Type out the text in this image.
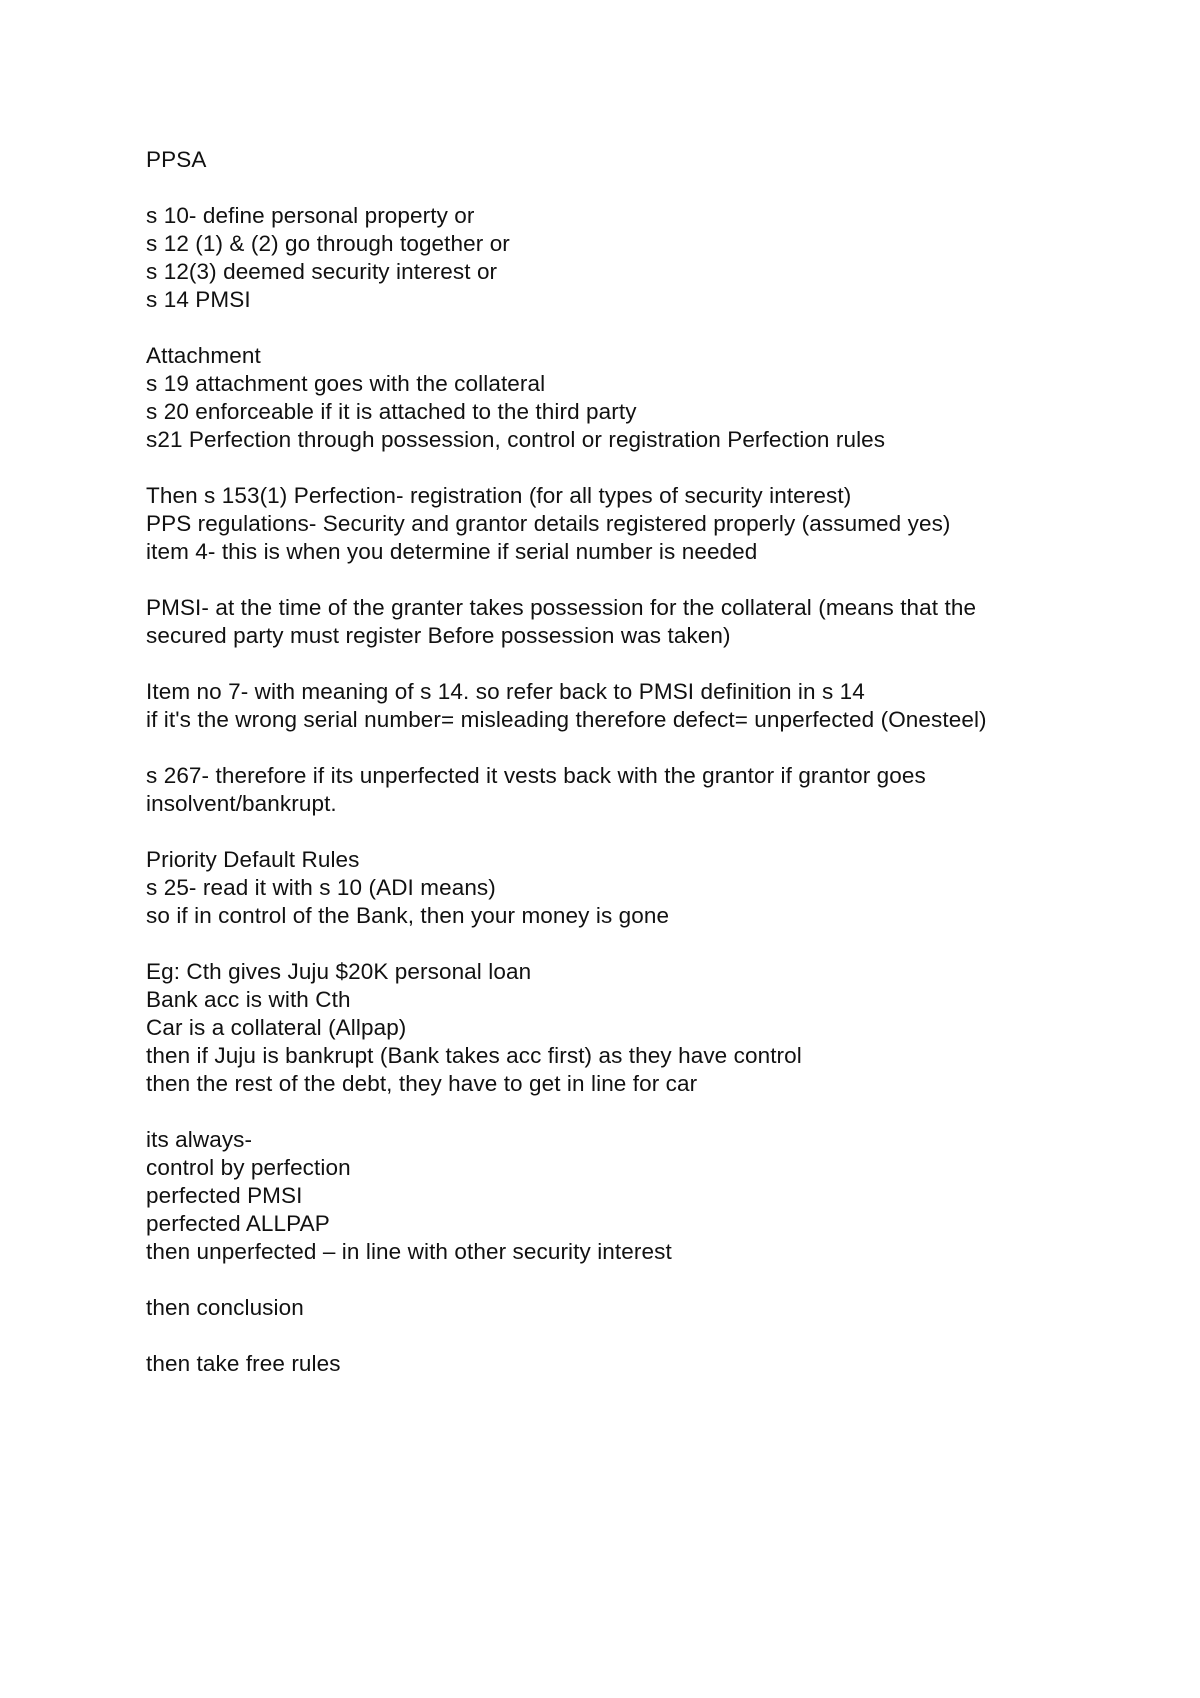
PPSA
s 10- define personal property or
s 12 (1) & (2) go through together or
s 12(3) deemed security interest or
s 14 PMSI
Attachment
s 19 attachment goes with the collateral
s 20 enforceable if it is attached to the third party
s21 Perfection through possession, control or registration Perfection rules
Then s 153(1) Perfection- registration (for all types of security interest)
PPS regulations- Security and grantor details registered properly (assumed yes)
item 4- this is when you determine if serial number is needed
PMSI- at the time of the granter takes possession for the collateral (means that the
secured party must register Before possession was taken)
Item no 7- with meaning of s 14. so refer back to PMSI definition in s 14
if it's the wrong serial number= misleading therefore defect= unperfected (Onesteel)
s 267- therefore if its unperfected it vests back with the grantor if grantor goes
insolvent/bankrupt.
Priority Default Rules
s 25- read it with s 10 (ADI means)
so if in control of the Bank, then your money is gone
Eg: Cth gives Juju $20K personal loan
Bank acc is with Cth
Car is a collateral (Allpap)
then if Juju is bankrupt (Bank takes acc first) as they have control
then the rest of the debt, they have to get in line for car
its always-
control by perfection
perfected PMSI
perfected ALLPAP
then unperfected – in line with other security interest
then conclusion
then take free rules
